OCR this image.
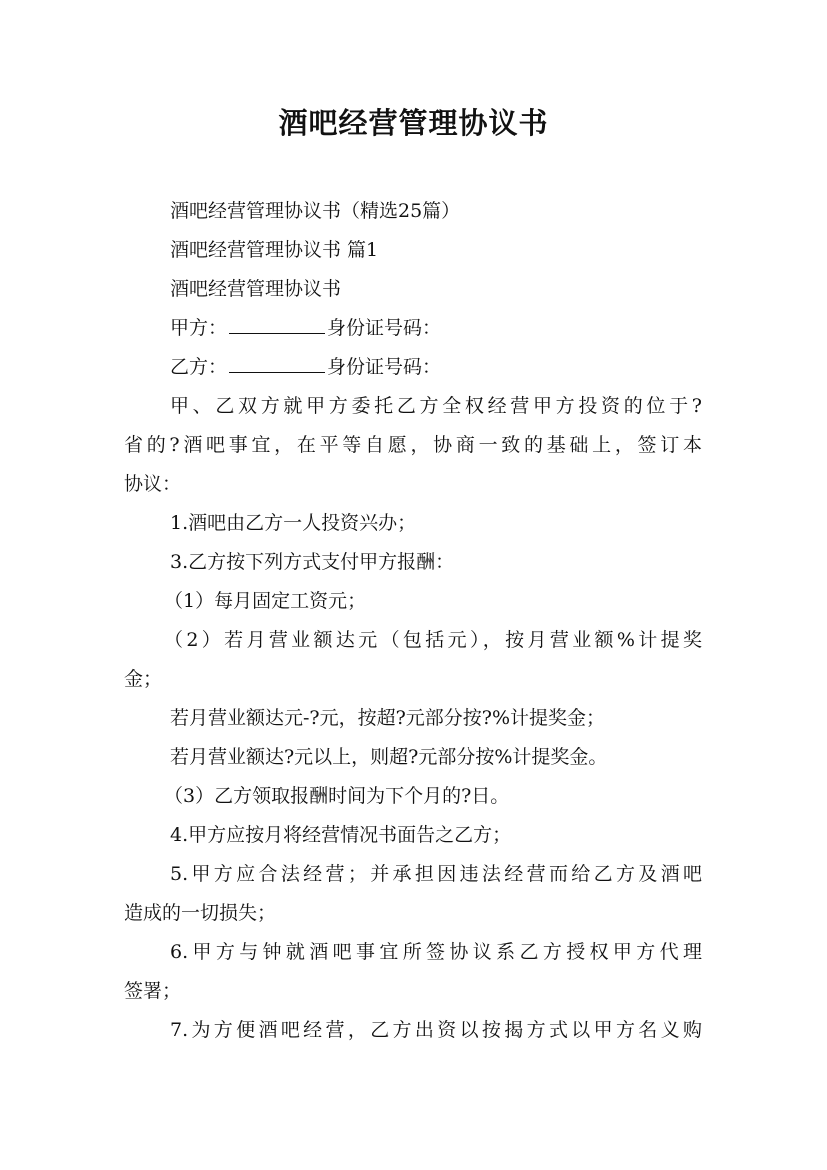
酒吧经营管理协议书
酒吧经营管理协议书（精选25篇）
酒吧经营管理协议书 篇1
酒吧经营管理协议书
甲方：	身份证号码：
乙方：	身份证号码：
甲、乙双方就甲方委托乙方全权经营甲方投资的位于?
省的?酒吧事宜，在平等自愿，协商一致的基础上，签订本
协议：
1.酒吧由乙方一人投资兴办；
3.乙方按下列方式支付甲方报酬：
（1）每月固定工资元；
（2）若月营业额达元（包括元），按月营业额%计提奖
金；
若月营业额达元-?元，按超?元部分按?%计提奖金；
若月营业额达?元以上，则超?元部分按%计提奖金。
（3）乙方领取报酬时间为下个月的?日。
4.甲方应按月将经营情况书面告之乙方；
5.甲方应合法经营；并承担因违法经营而给乙方及酒吧
造成的一切损失；
6.甲方与钟就酒吧事宜所签协议系乙方授权甲方代理
签署；
7.为方便酒吧经营，乙方出资以按揭方式以甲方名义购
